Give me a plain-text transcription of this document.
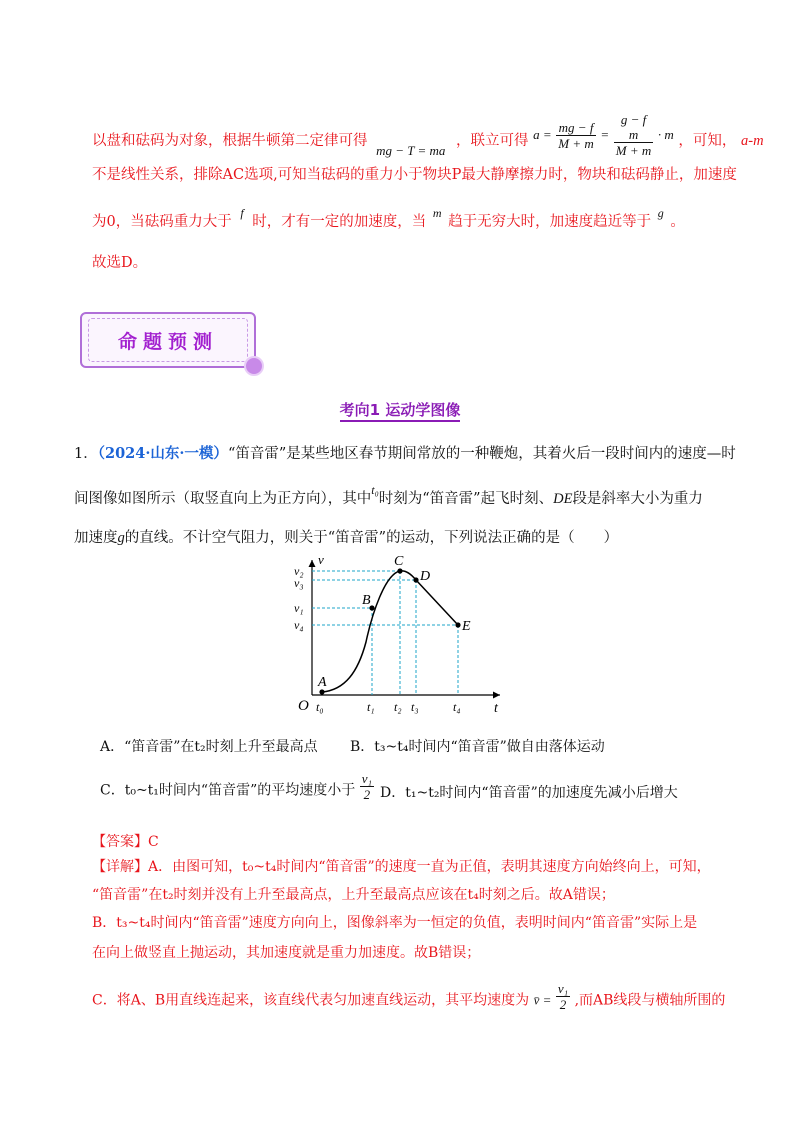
以盘和砝码为对象，根据牛顿第二定律可得 mg − T = ma ，联立可得 $a = \frac{mg - f}{M + m}$ =
g − f
m
M + m
· m ，可知， a-m
不是线性关系，排除AC选项,可知当砝码的重力小于物块P最大静摩擦力时，物块和砝码静止，加速度
为0，当砝码重力大于 $^f$ 时，才有一定的加速度，当 $^m$ 趋于无穷大时，加速度趋近等于 $^g$ 。
故选D。
命题预测
考向1 运动学图像
1．（2024·山东·一模）“笛音雷”是某些地区春节期间常放的一种鞭炮，其着火后一段时间内的速度—时
间图像如图所示（取竖直向上为正方向），其中$^{t_0}$时刻为“笛音雷”起飞时刻、DE段是斜率大小为重力
加速度g的直线。不计空气阻力，则关于“笛音雷”的运动，下列说法正确的是（　　）
v
t
O
v₂
v₃
v₁
v₄
t₀	t₁ t₂ t₃	t₄
A
B
C
D
E
A．“笛音雷”在t₂时刻上升至最高点 B．t₃~t₄时间内“笛音雷”做自由落体运动
C．t₀~t₁时间内“笛音雷”的平均速度小于 $\frac{\text{v₁}}{2}$ D．t₁~t₂时间内“笛音雷”的加速度先减小后增大
【答案】C
【详解】A．由图可知，t₀~t₄时间内“笛音雷”的速度一直为正值，表明其速度方向始终向上，可知，
“笛音雷”在t₂时刻并没有上升至最高点，上升至最高点应该在t₄时刻之后。故A错误；
B．t₃~t₄时间内“笛音雷”速度方向向上，图像斜率为一恒定的负值，表明时间内“笛音雷”实际上是
在向上做竖直上抛运动，其加速度就是重力加速度。故B错误；
C．将A、B用直线连起来，该直线代表匀加速直线运动，其平均速度为 v̄ = $\frac{\text{v₁}}{2}$ ,而AB线段与横轴所围的
